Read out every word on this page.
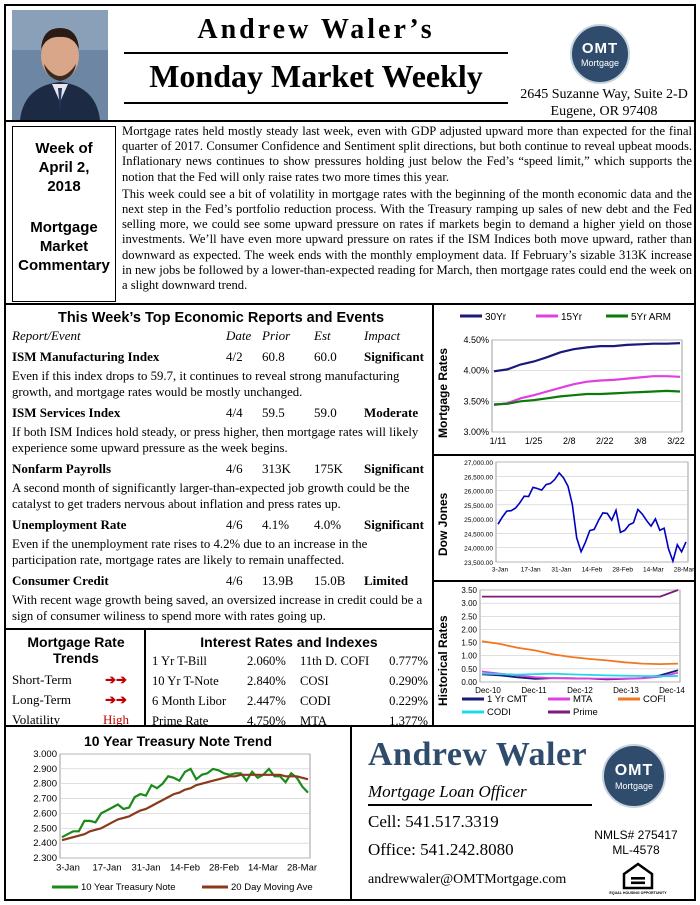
Andrew Waler’s
Monday Market Weekly
OMT
Mortgage
2645 Suzanne Way, Suite 2-D
Eugene, OR 97408
Week of
April 2,
2018
Mortgage
Market
Commentary

Mortgage rates held mostly steady last week, even with GDP adjusted upward more than expected for the final quarter of 2017. Consumer Confidence and Sentiment split directions, but both continue to reveal upbeat moods. Inflationary news continues to show pressures holding just below the Fed’s “speed limit,” which supports the notion that the Fed will only raise rates two more times this year.

This week could see a bit of volatility in mortgage rates with the beginning of the month economic data and the next step in the Fed’s portfolio reduction process. With the Treasury ramping up sales of new debt and the Fed selling more, we could see some upward pressure on rates if markets begin to demand a higher yield on those investments. We’ll have even more upward pressure on rates if the ISM Indices both move upward, rather than downward as expected. The week ends with the monthly employment data. If February’s sizable 313K increase in new jobs be followed by a lower-than-expected reading for March, then mortgage rates could end the week on a slight downward trend.

This Week’s Top Economic Reports and Events
Report/Event	Date Prior	Est	Impact
ISM Manufacturing Index	4/2	60.8	60.0	Significant
Even if this index drops to 59.7, it continues to reveal strong manufacturing growth, and mortgage rates would be mostly unchanged.
ISM Services Index	4/4	59.5	59.0	Moderate
If both ISM Indices hold steady, or press higher, then mortgage rates will likely experience some upward pressure as the week begins.
Nonfarm Payrolls	4/6	313K	175K	Significant
A second month of significantly larger-than-expected job growth could be the catalyst to get traders nervous about inflation and press rates up.
Unemployment Rate	4/6	4.1%	4.0%	Significant
Even if the unemployment rate rises to 4.2% due to an increase in the participation rate, mortgage rates are likely to remain unaffected.
Consumer Credit	4/6	13.9B	15.0B	Limited
With recent wage growth being saved, an oversized increase in credit could be a sign of consumer wiliness to spend more with rates going up.
Mortgage Rate
Trends
Short-Term	➔➔
Long-Term	➔➔
Volatility	High
Interest Rates and Indexes
1 Yr T-Bill	2.060% 11th D. COFI 0.777%
10 Yr T-Note 2.840% COSI	0.290%
6 Month Libor 2.447% CODI	0.229%
Prime Rate	4.750% MTA	1.377%
Mortgage Rates
30Yr	15Yr	5Yr ARM
4.50%
4.00%
3.50%
3.00%
1/11 1/25 2/8 2/22 3/8 3/22
Dow Jones
27,000.00
26,500.00
26,000.00
25,500.00
25,000.00
24,500.00
24,000.00
23,500.00
3-Jan 17-Jan 31-Jan 14-Feb 28-Feb 14-Mar 28-Mar
Historical Rates
3.50
3.00
2.50
2.00
1.50
1.00
0.50
0.00
Dec-10	Dec-11	Dec-12	Dec-13	Dec-14
1 Yr CMT	MTA	COFI
CODI	Prime
10 Year Treasury Note Trend
3.000
2.900
2.800
2.700
2.600
2.500
2.400
2.300
3-Jan 17-Jan 31-Jan 14-Feb 28-Feb 14-Mar 28-Mar
10 Year Treasury Note	20 Day Moving Ave
Andrew Waler
Mortgage Loan Officer
Cell: 541.517.3319
Office: 541.242.8080
andrewwaler@OMTMortgage.com
OMT
Mortgage
NMLS# 275417
ML-4578
EQUAL HOUSING OPPORTUNITY
